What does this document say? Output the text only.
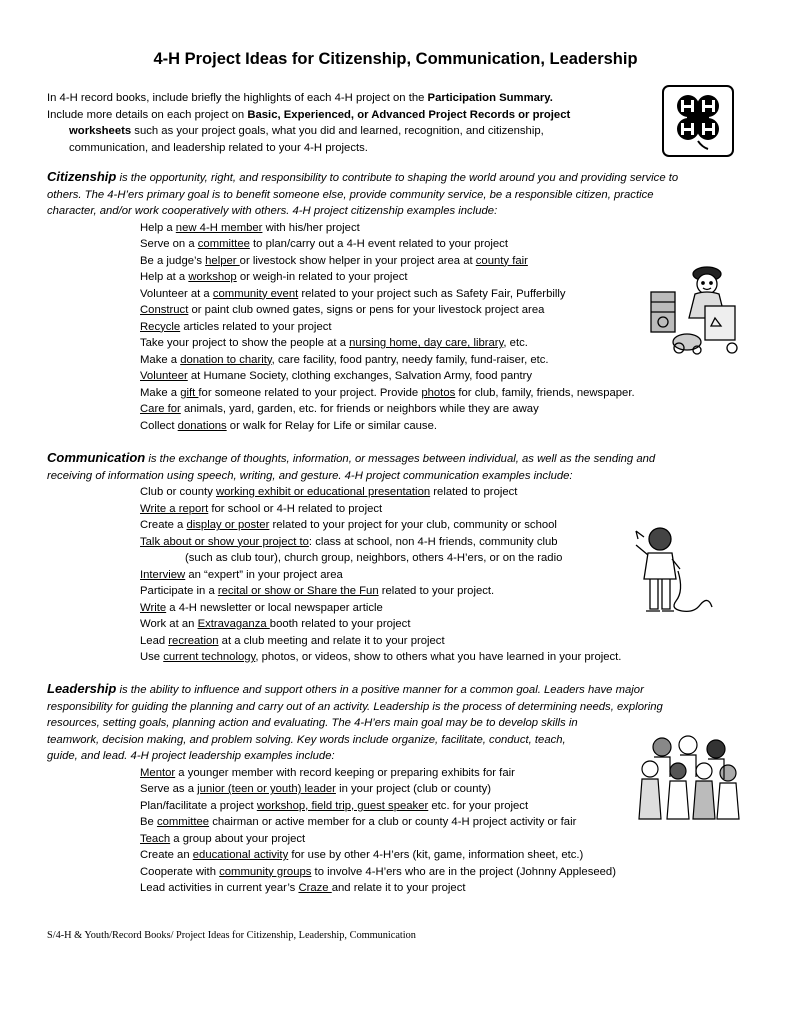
4-H Project Ideas for Citizenship, Communication, Leadership
In 4-H record books, include briefly the highlights of each 4-H project on the Participation Summary.
Include more details on each project on Basic, Experienced, or Advanced Project Records or project
worksheets such as your project goals, what you did and learned, recognition, and citizenship,
communication, and leadership related to your 4-H projects.
Citizenship is the opportunity, right, and responsibility to contribute to shaping the world around you and providing service to
others. The 4-H’ers primary goal is to benefit someone else, provide community service, be a responsible citizen, practice
character, and/or work cooperatively with others. 4-H project citizenship examples include:
Help a new 4-H member with his/her project
Serve on a committee to plan/carry out a 4-H event related to your project
Be a judge’s helper or livestock show helper in your project area at county fair
Help at a workshop or weigh-in related to your project
Volunteer at a community event related to your project such as Safety Fair, Pufferbilly
Construct or paint club owned gates, signs or pens for your livestock project area
Recycle articles related to your project
Take your project to show the people at a nursing home, day care, library, etc.
Make a donation to charity, care facility, food pantry, needy family, fund-raiser, etc.
Volunteer at Humane Society, clothing exchanges, Salvation Army, food pantry
Make a gift for someone related to your project. Provide photos for club, family, friends, newspaper.
Care for animals, yard, garden, etc. for friends or neighbors while they are away
Collect donations or walk for Relay for Life or similar cause.
Communication is the exchange of thoughts, information, or messages between individual, as well as the sending and
receiving of information using speech, writing, and gesture. 4-H project communication examples include:
Club or county working exhibit or educational presentation related to project
Write a report for school or 4-H related to project
Create a display or poster related to your project for your club, community or school
Talk about or show your project to: class at school, non 4-H friends, community club
(such as club tour), church group, neighbors, others 4-H’ers, or on the radio
Interview an “expert” in your project area
Participate in a recital or show or Share the Fun related to your project.
Write a 4-H newsletter or local newspaper article
Work at an Extravaganza booth related to your project
Lead recreation at a club meeting and relate it to your project
Use current technology, photos, or videos, show to others what you have learned in your project.
Leadership is the ability to influence and support others in a positive manner for a common goal. Leaders have major
responsibility for guiding the planning and carry out of an activity. Leadership is the process of determining needs, exploring
resources, setting goals, planning action and evaluating. The 4-H’ers main goal may be to develop skills in
teamwork, decision making, and problem solving. Key words include organize, facilitate, conduct, teach,
guide, and lead. 4-H project leadership examples include:
Mentor a younger member with record keeping or preparing exhibits for fair
Serve as a junior (teen or youth) leader in your project (club or county)
Plan/facilitate a project workshop, field trip, guest speaker etc. for your project
Be committee chairman or active member for a club or county 4-H project activity or fair
Teach a group about your project
Create an educational activity for use by other 4-H’ers (kit, game, information sheet, etc.)
Cooperate with community groups to involve 4-H’ers who are in the project (Johnny Appleseed)
Lead activities in current year’s Craze and relate it to your project
S/4-H & Youth/Record Books/ Project Ideas for Citizenship, Leadership, Communication
